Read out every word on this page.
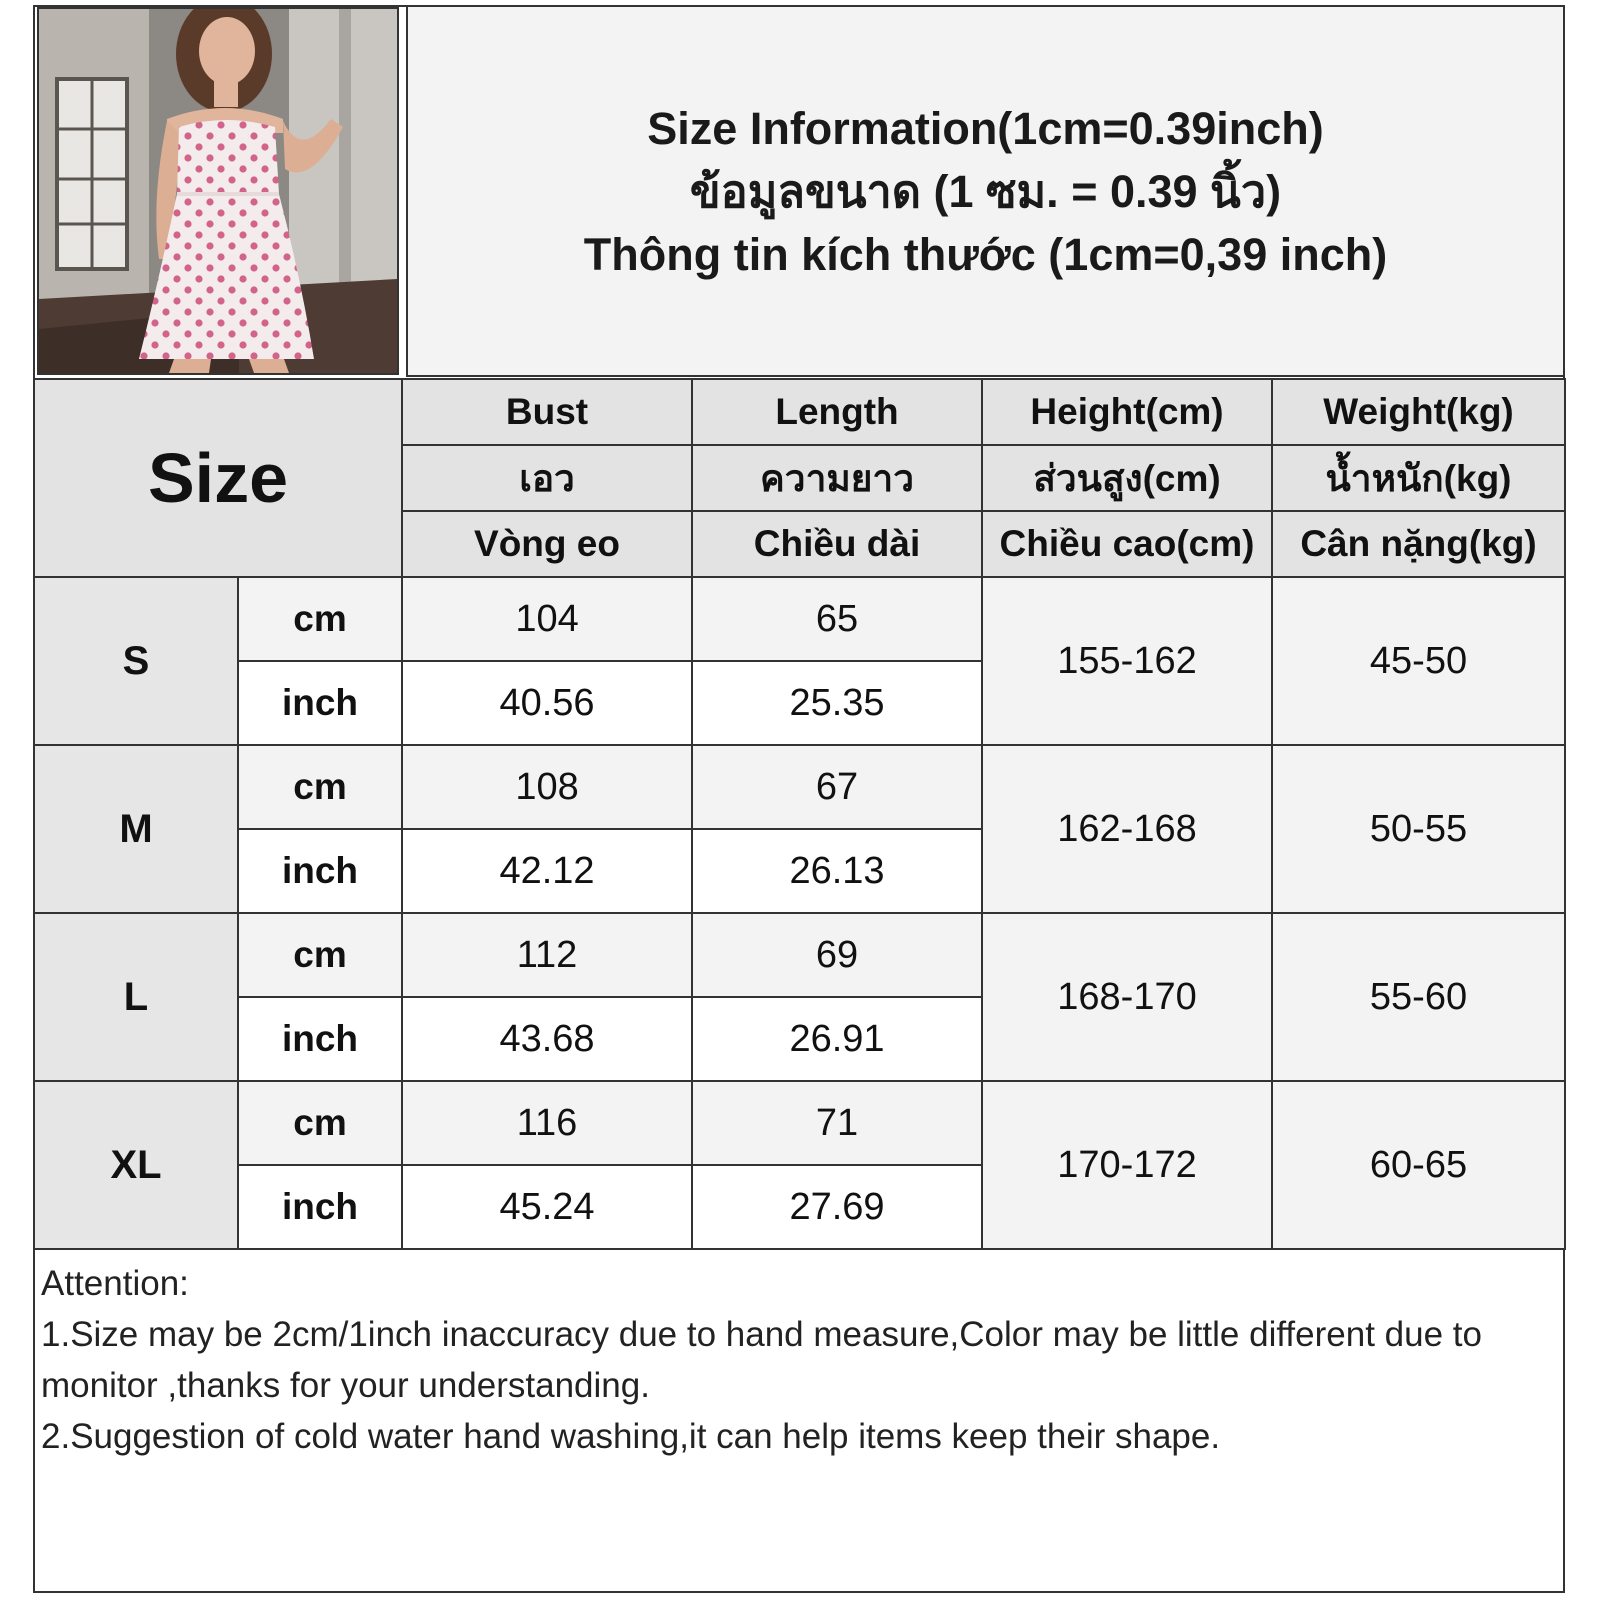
Size Information(1cm=0.39inch)
ข้อมูลขนาด (1 ซม. = 0.39 นิ้ว)
Thông tin kích thước (1cm=0,39 inch)
Size		Bust	Length	Height(cm)	Weight(kg)
		เอว	ความยาว	ส่วนสูง(cm)	น้ำหนัก(kg)
		Vòng eo	Chiều dài	Chiều cao(cm)	Cân nặng(kg)
S	cm	104	65	155-162	45-50
	inch	40.56	25.35		
M	cm	108	67	162-168	50-55
	inch	42.12	26.13		
L	cm	112	69	168-170	55-60
	inch	43.68	26.91		
XL	cm	116	71	170-172	60-65
	inch	45.24	27.69		

Attention:

1.Size may be 2cm/1inch inaccuracy due to hand measure,Color may be little different due to monitor ,thanks for your understanding.

2.Suggestion of cold water hand washing,it can help items keep their shape.
